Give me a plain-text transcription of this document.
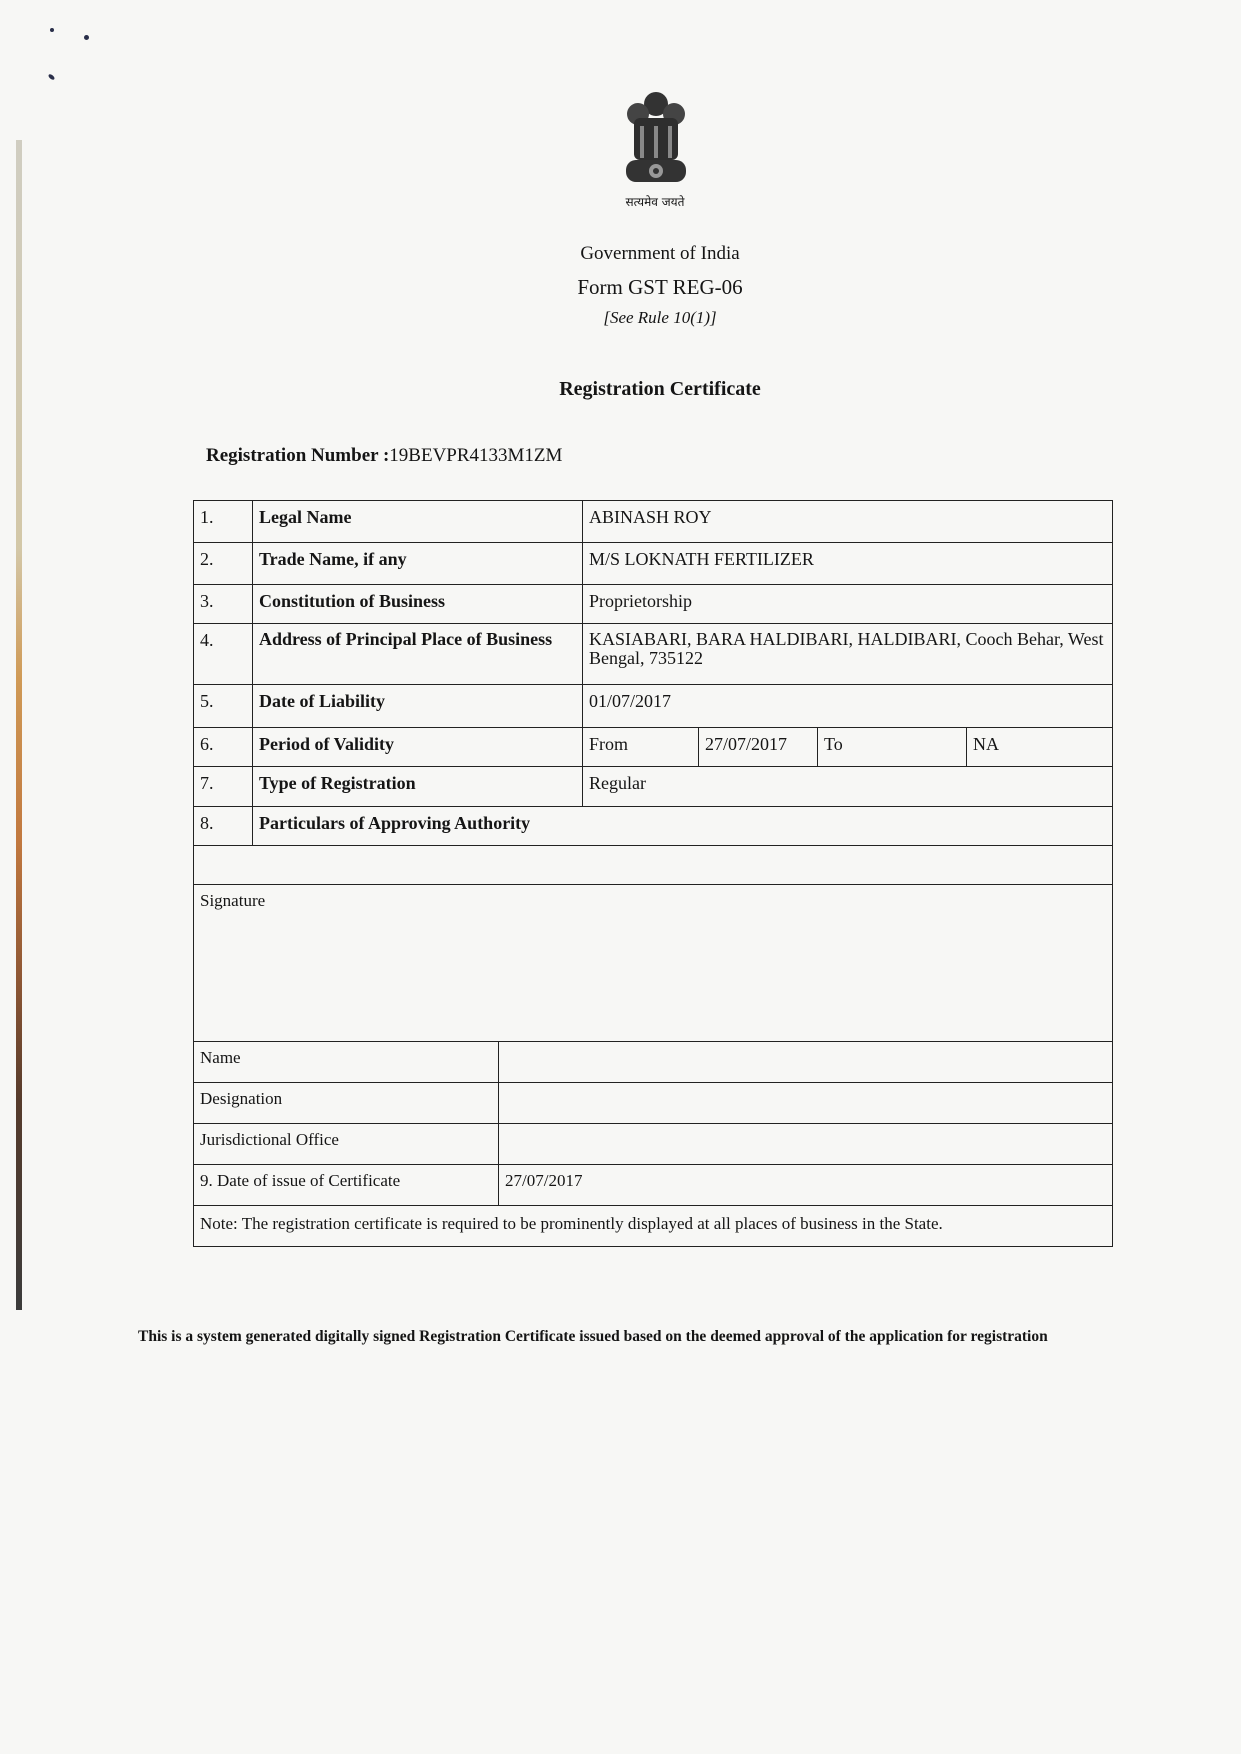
सत्यमेव जयते
Government of India
Form GST REG-06
[See Rule 10(1)]
Registration Certificate
Registration Number :19BEVPR4133M1ZM
1.	Legal Name	ABINASH ROY
2.	Trade Name, if any	M/S LOKNATH FERTILIZER
3.	Constitution of Business	Proprietorship
4.	Address of Principal Place of Business	KASIABARI, BARA HALDIBARI, HALDIBARI, Cooch Behar, West Bengal, 735122
5.	Date of Liability	01/07/2017
6.	Period of Validity	From	27/07/2017	To	NA
7.	Type of Registration	Regular
8.	Particulars of Approving Authority
Signature
Name
Designation
Jurisdictional Office
9. Date of issue of Certificate	27/07/2017
Note: The registration certificate is required to be prominently displayed at all places of business in the State.
This is a system generated digitally signed Registration Certificate issued based on the deemed approval of the application for registration
